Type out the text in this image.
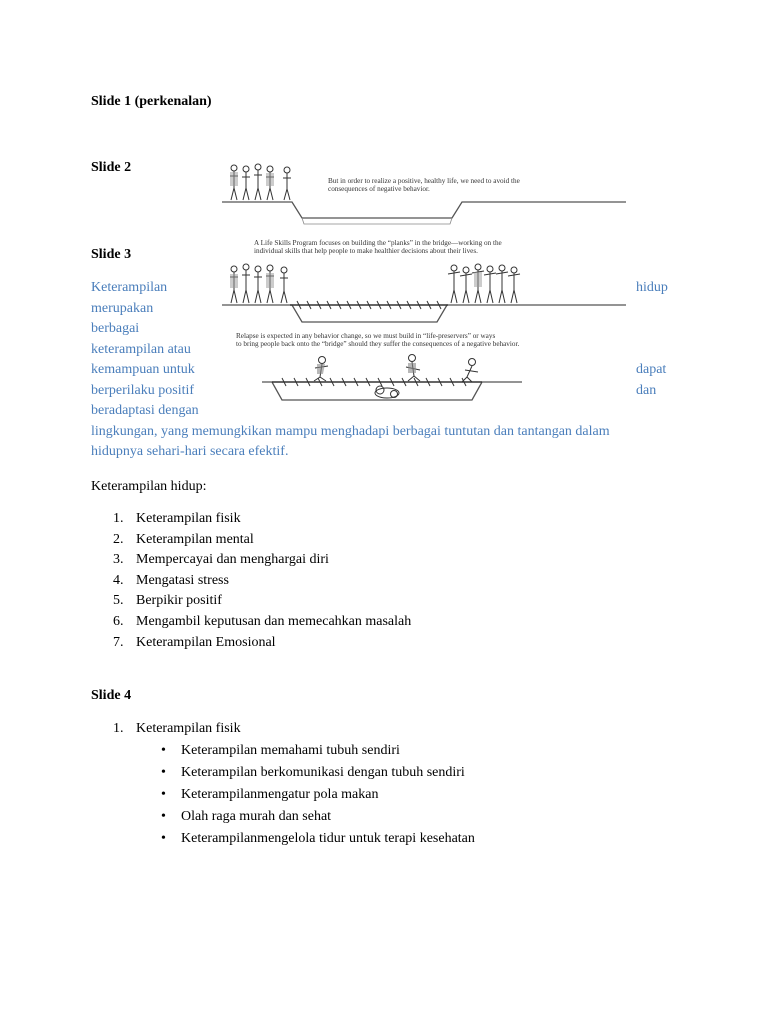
Slide 1 (perkenalan)
Slide 2
Slide 3
Keterampilan	hidup
merupakan
berbagai
keterampilan atau
kemampuan untuk	dapat
berperilaku positif	dan
beradaptasi dengan
lingkungan, yang memungkikan mampu menghadapi berbagai tuntutan dan tantangan dalam
hidupnya sehari-hari secara efektif.
But in order to realize a positive, healthy life, we need to avoid the
consequences of negative behavior.
A Life Skills Program focuses on building the “planks” in the bridge—working on the
individual skills that help people to make healthier decisions about their lives.
Relapse is expected in any behavior change, so we must build in “life-preservers” or ways
to bring people back onto the “bridge” should they suffer the consequences of a negative behavior.
Keterampilan hidup:
1. Keterampilan fisik
2. Keterampilan mental
3. Mempercayai dan menghargai diri
4. Mengatasi stress
5. Berpikir positif
6. Mengambil keputusan dan memecahkan masalah
7. Keterampilan Emosional
Slide 4
1. Keterampilan fisik
• Keterampilan memahami tubuh sendiri
• Keterampilan berkomunikasi dengan tubuh sendiri
• Keterampilanmengatur pola makan
• Olah raga murah dan sehat
• Keterampilanmengelola tidur untuk terapi kesehatan
